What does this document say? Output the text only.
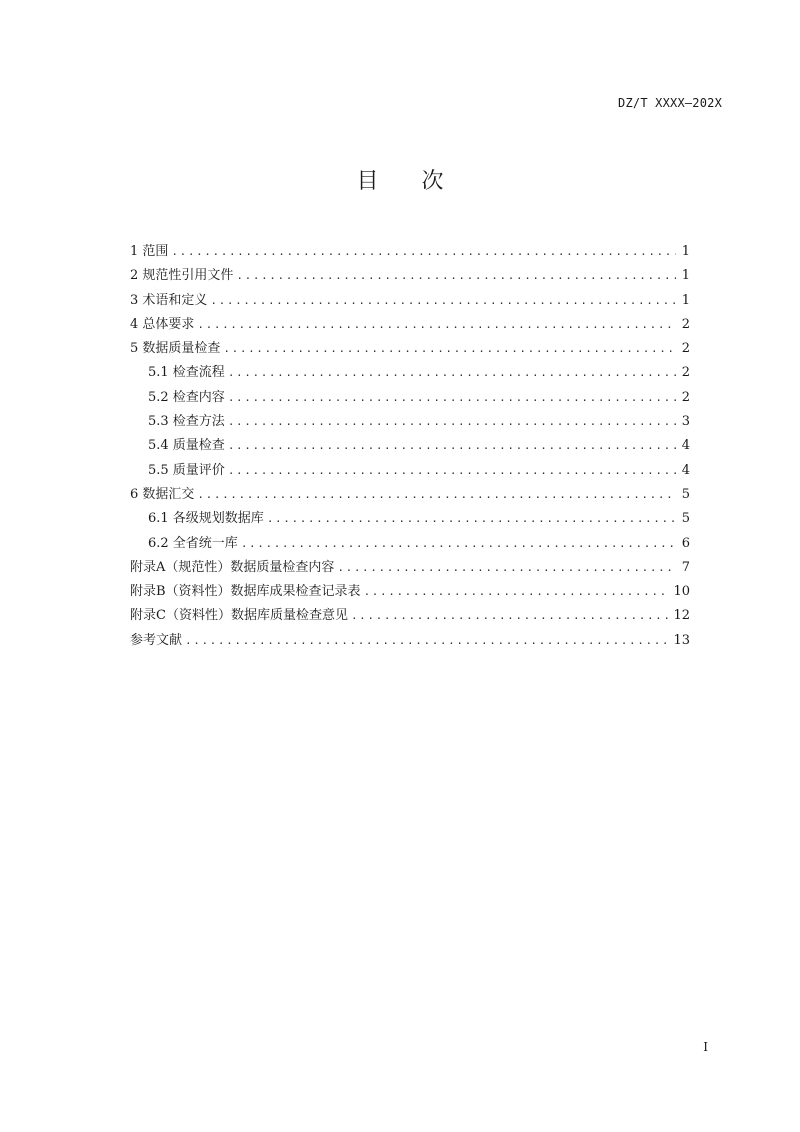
DZ/T XXXX—202X
目 次
1 范围 .....	1
2 规范性引用文件 .....	1
3 术语和定义 .....	1
4 总体要求 .....	2
5 数据质量检查 .....	2
5.1 检查流程 .....	2
5.2 检查内容 .....	2
5.3 检查方法 .....	3
5.4 质量检查 .....	4
5.5 质量评价 .....	4
6 数据汇交 .....	5
6.1 各级规划数据库 .....	5
6.2 全省统一库 .....	6
附录A（规范性）数据质量检查内容 .....	7
附录B（资料性）数据库成果检查记录表 .....	10
附录C（资料性）数据库质量检查意见 .....	12
参考文献 .....	13
I
